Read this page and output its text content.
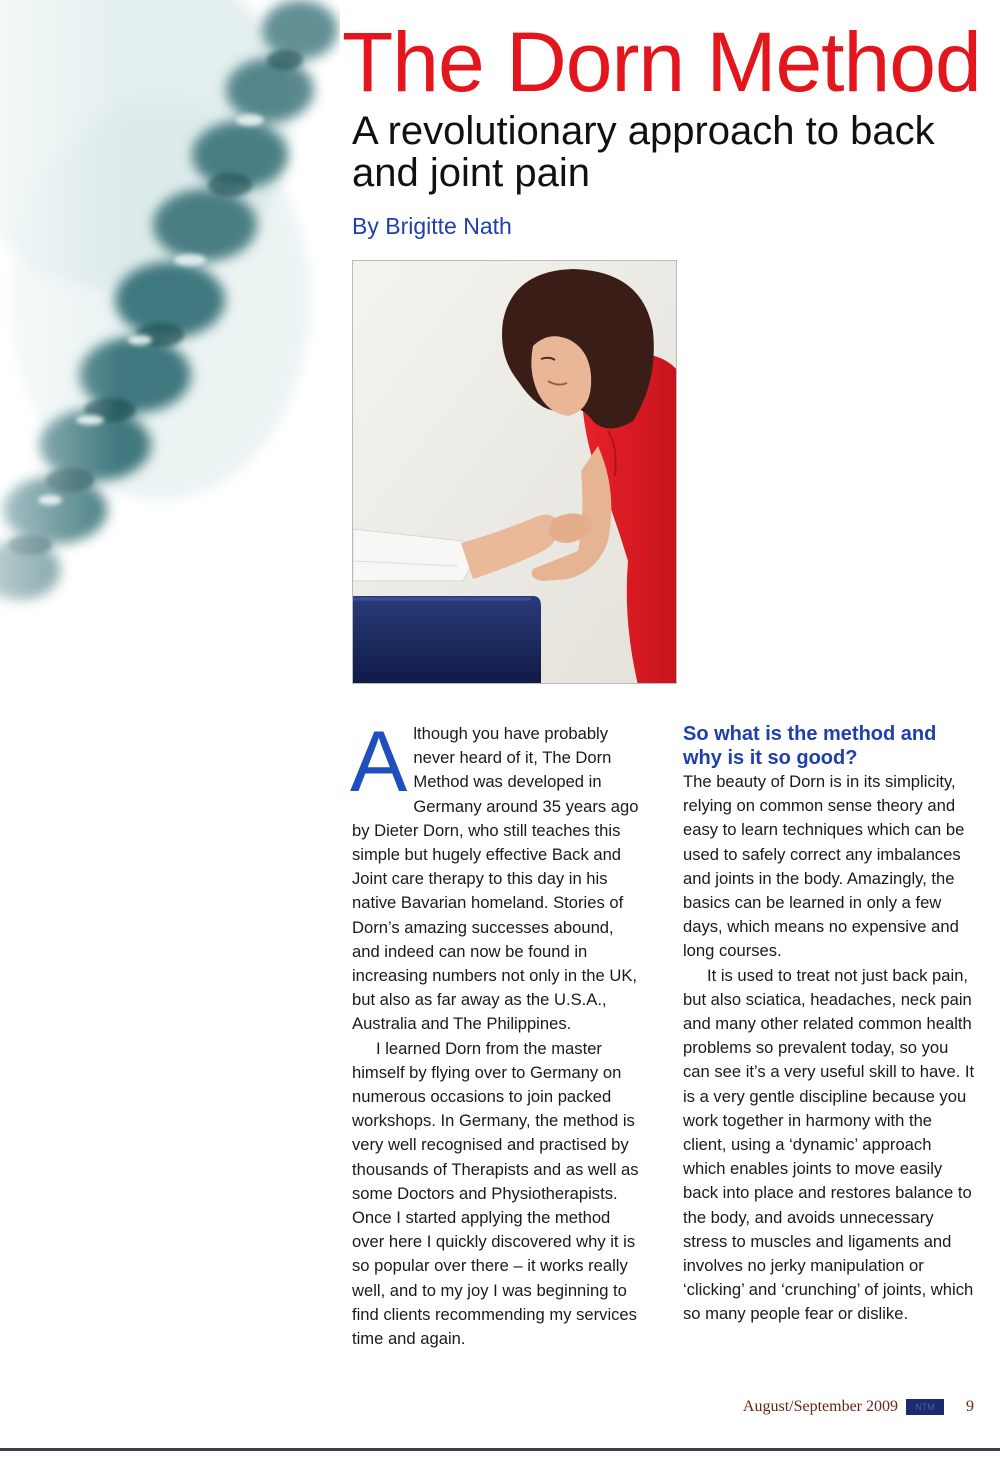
The Dorn Method
A revolutionary approach to back and joint pain
By Brigitte Nath

Although you have probably never heard of it, The Dorn Method was developed in Germany around 35 years ago by Dieter Dorn, who still teaches this simple but hugely effective Back and Joint care therapy to this day in his native Bavarian homeland. Stories of Dorn’s amazing successes abound, and indeed can now be found in increasing numbers not only in the UK, but also as far away as the U.S.A., Australia and The Philippines.

I learned Dorn from the master himself by flying over to Germany on numerous occasions to join packed workshops. In Germany, the method is very well recognised and practised by thousands of Therapists and as well as some Doctors and Physiotherapists. Once I started applying the method over here I quickly discovered why it is so popular over there – it works really well, and to my joy I was beginning to find clients recommending my services time and again.

So what is the method and why is it so good?

The beauty of Dorn is in its simplicity, relying on common sense theory and easy to learn techniques which can be used to safely correct any imbalances and joints in the body. Amazingly, the basics can be learned in only a few days, which means no expensive and long courses.

It is used to treat not just back pain, but also sciatica, headaches, neck pain and many other related common health problems so prevalent today, so you can see it’s a very useful skill to have. It is a very gentle discipline because you work together in harmony with the client, using a ‘dynamic’ approach which enables joints to move easily back into place and restores balance to the body, and avoids unnecessary stress to muscles and ligaments and involves no jerky manipulation or ‘clicking’ and ‘crunching’ of joints, which so many people fear or dislike.

August/September 2009	NTM	9
